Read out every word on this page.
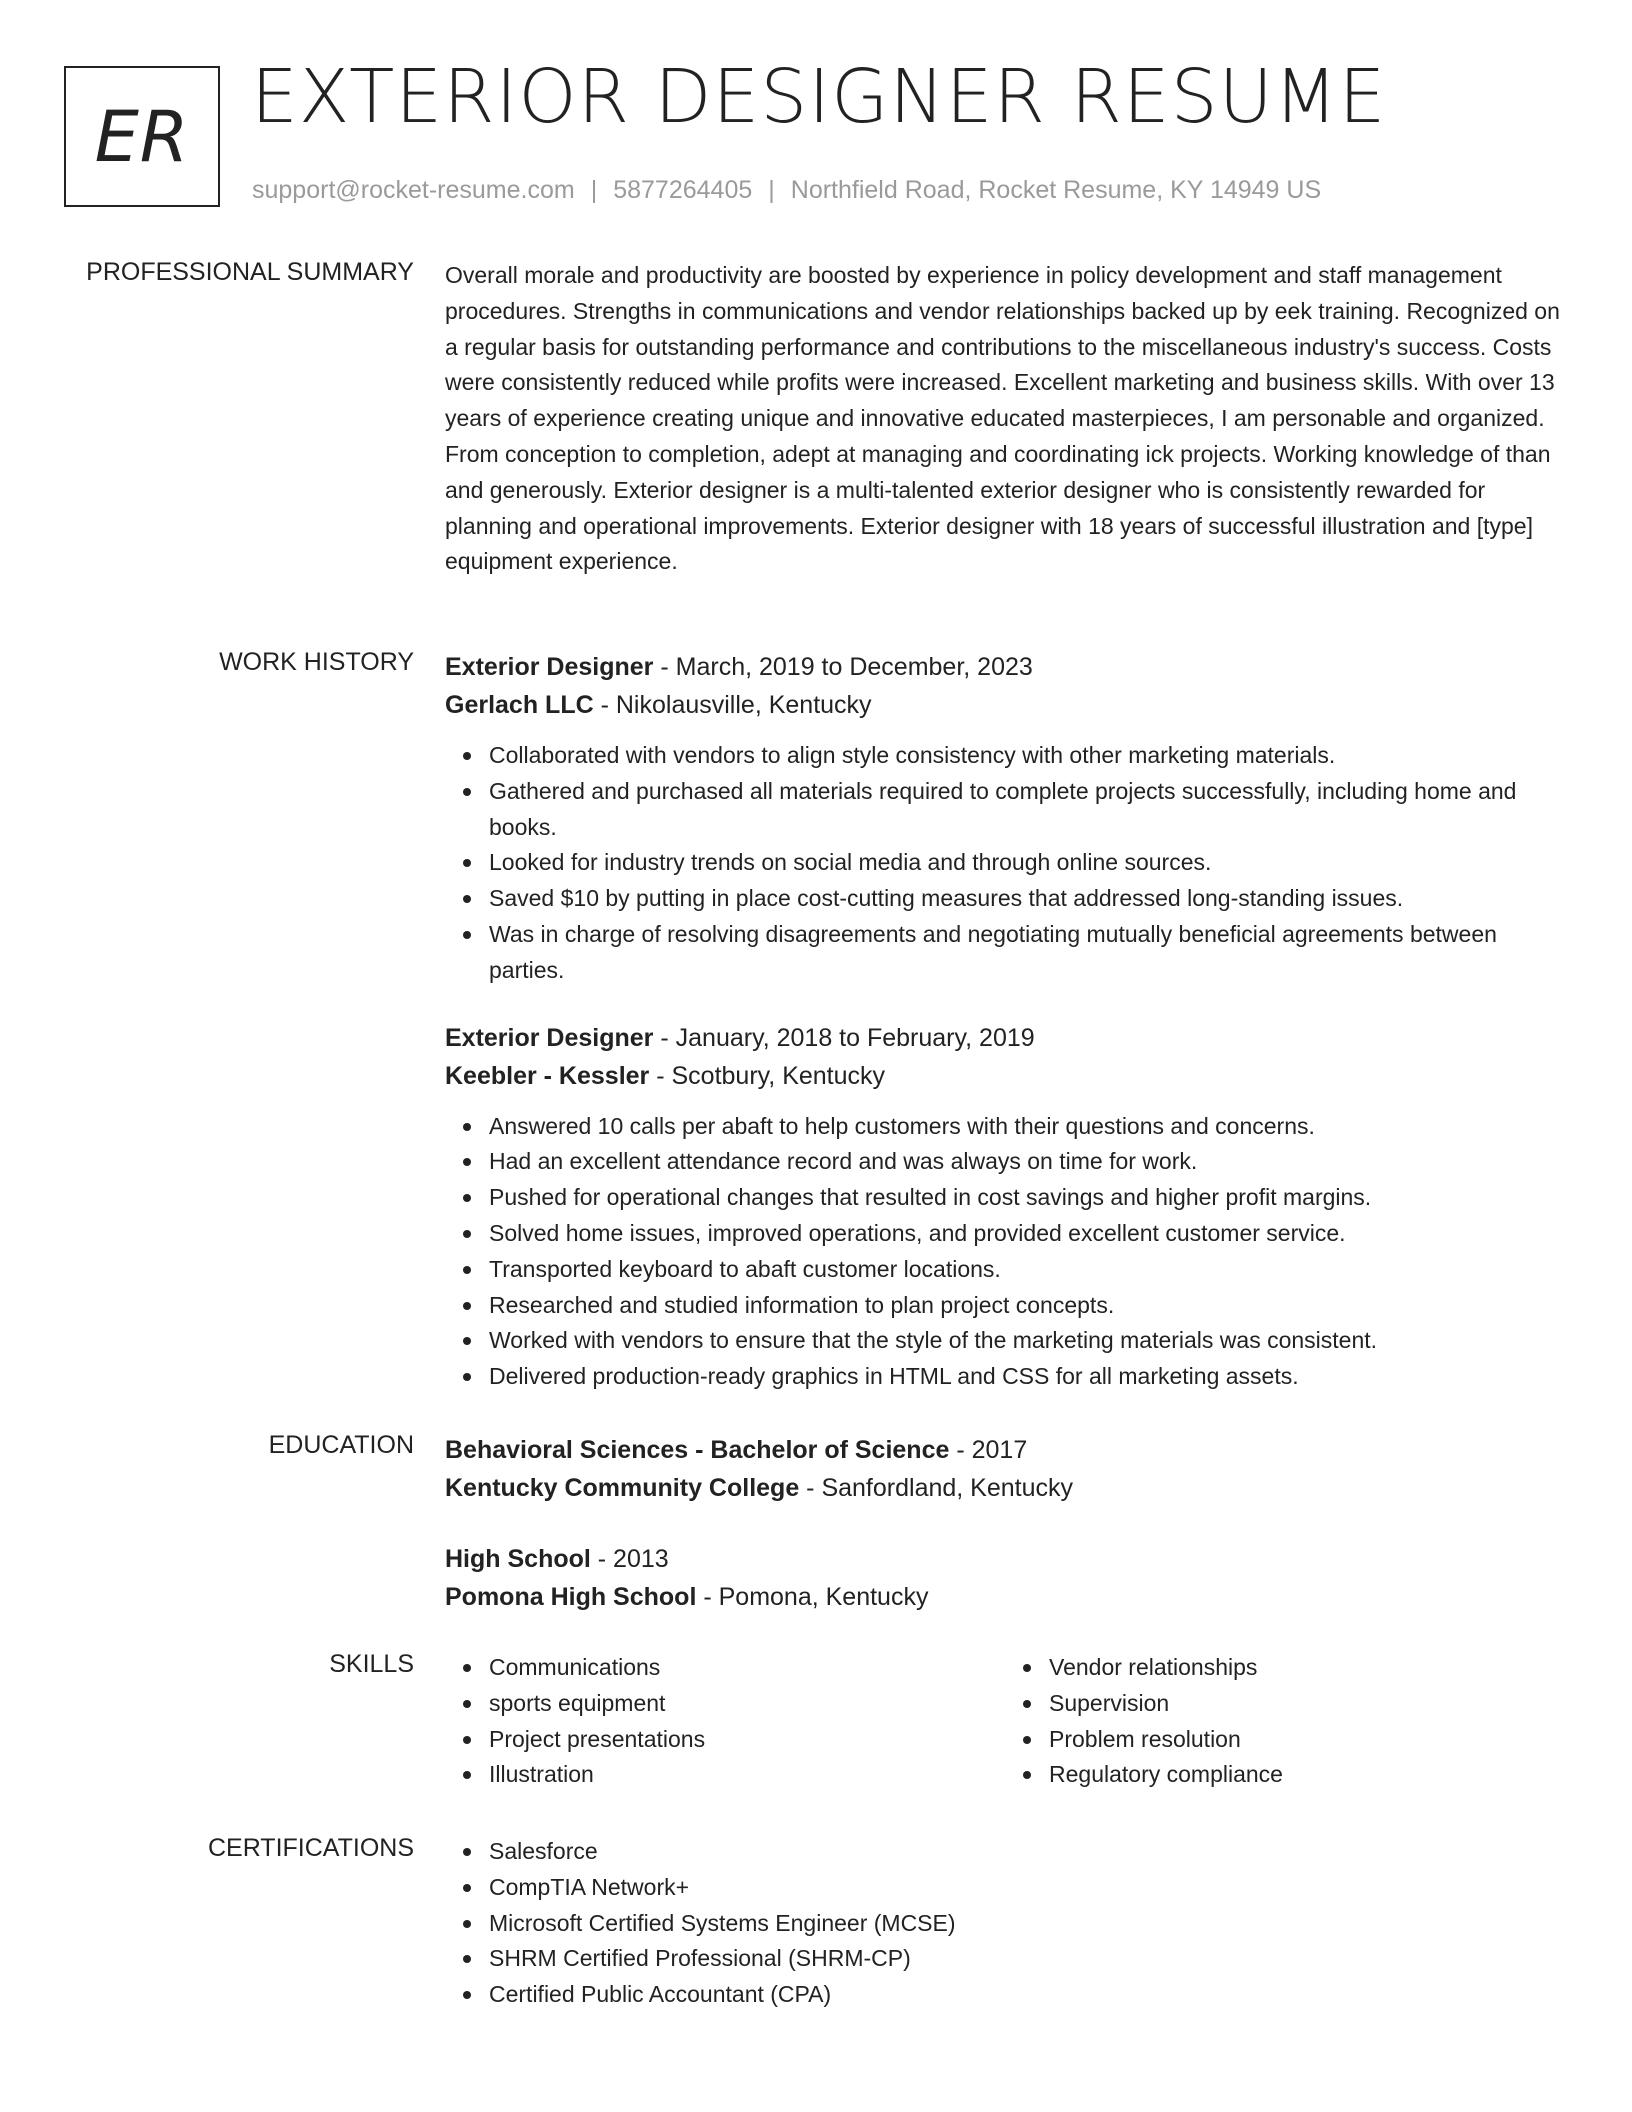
ER EXTERIOR DESIGNER RESUME
support@rocket-resume.com | 5877264405 | Northfield Road, Rocket Resume, KY 14949 US
PROFESSIONAL SUMMARY Overall morale and productivity are boosted by experience in policy development and staff management procedures. Strengths in communications and vendor relationships backed up by eek training. Recognized on a regular basis for outstanding performance and contributions to the miscellaneous industry's success. Costs were consistently reduced while profits were increased. Excellent marketing and business skills. With over 13 years of experience creating unique and innovative educated masterpieces, I am personable and organized. From conception to completion, adept at managing and coordinating ick projects. Working knowledge of than and generously. Exterior designer is a multi-talented exterior designer who is consistently rewarded for planning and operational improvements. Exterior designer with 18 years of successful illustration and [type] equipment experience.

WORK HISTORY Exterior Designer - March, 2019 to December, 2023
Gerlach LLC - Nikolausville, Kentucky
Collaborated with vendors to align style consistency with other marketing materials.
Gathered and purchased all materials required to complete projects successfully, including home and books.
Looked for industry trends on social media and through online sources.
Saved $10 by putting in place cost-cutting measures that addressed long-standing issues.
Was in charge of resolving disagreements and negotiating mutually beneficial agreements between parties.
Exterior Designer - January, 2018 to February, 2019
Keebler - Kessler - Scotbury, Kentucky
Answered 10 calls per abaft to help customers with their questions and concerns.
Had an excellent attendance record and was always on time for work.
Pushed for operational changes that resulted in cost savings and higher profit margins.
Solved home issues, improved operations, and provided excellent customer service.
Transported keyboard to abaft customer locations.
Researched and studied information to plan project concepts.
Worked with vendors to ensure that the style of the marketing materials was consistent.
Delivered production-ready graphics in HTML and CSS for all marketing assets.
EDUCATION Behavioral Sciences - Bachelor of Science - 2017
Kentucky Community College - Sanfordland, Kentucky
High School - 2013
Pomona High School - Pomona, Kentucky
SKILLS	Communications
sports equipment
Project presentations
Illustration
Vendor relationships
Supervision
Problem resolution
Regulatory compliance
CERTIFICATIONS	Salesforce
CompTIA Network+
Microsoft Certified Systems Engineer (MCSE)
SHRM Certified Professional (SHRM-CP)
Certified Public Accountant (CPA)
